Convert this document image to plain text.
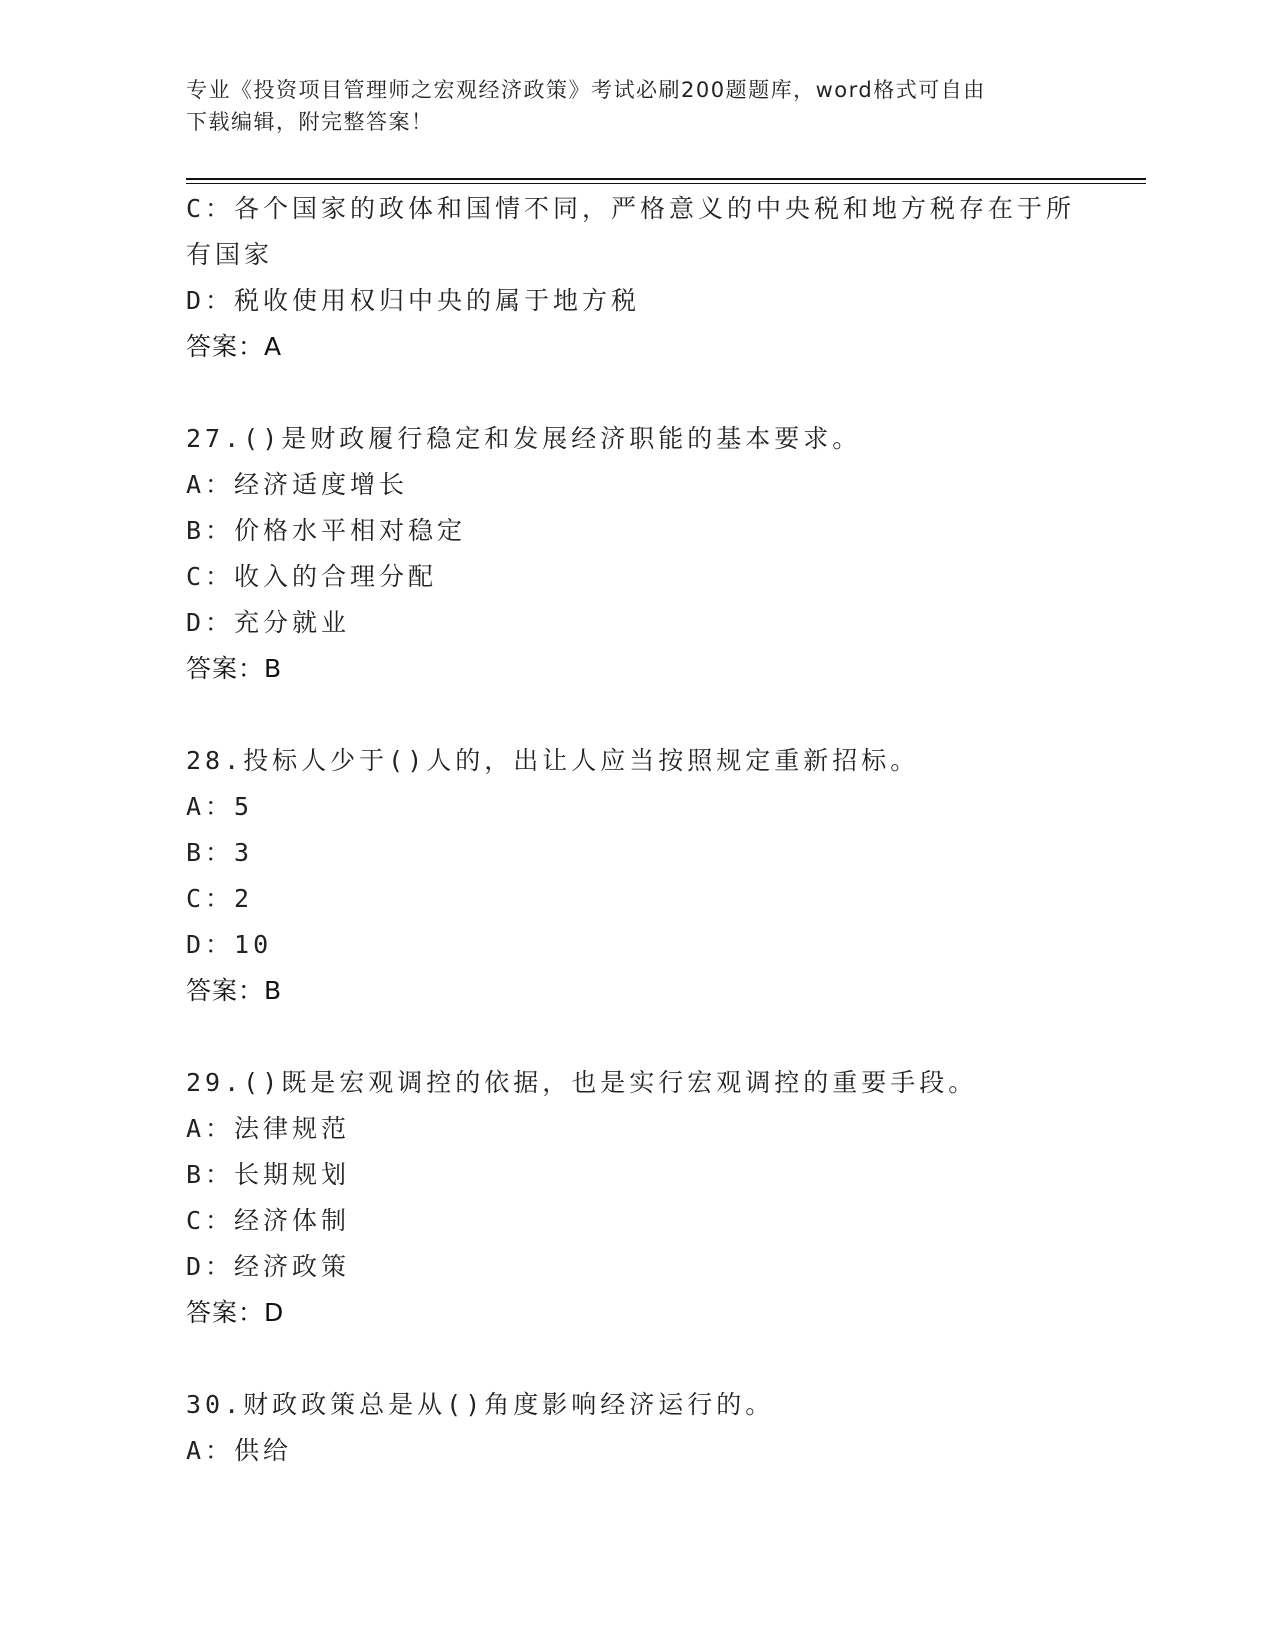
专业《投资项目管理师之宏观经济政策》考试必刷200题题库，word格式可自由
下载编辑，附完整答案！
C：各个国家的政体和国情不同，严格意义的中央税和地方税存在于所
有国家
D：税收使用权归中央的属于地方税
答案：A
27.()是财政履行稳定和发展经济职能的基本要求。
A：经济适度增长
B：价格水平相对稳定
C：收入的合理分配
D：充分就业
答案：B
28.投标人少于()人的，出让人应当按照规定重新招标。
A：5
B：3
C：2
D：10
答案：B
29.()既是宏观调控的依据，也是实行宏观调控的重要手段。
A：法律规范
B：长期规划
C：经济体制
D：经济政策
答案：D
30.财政政策总是从()角度影响经济运行的。
A：供给
